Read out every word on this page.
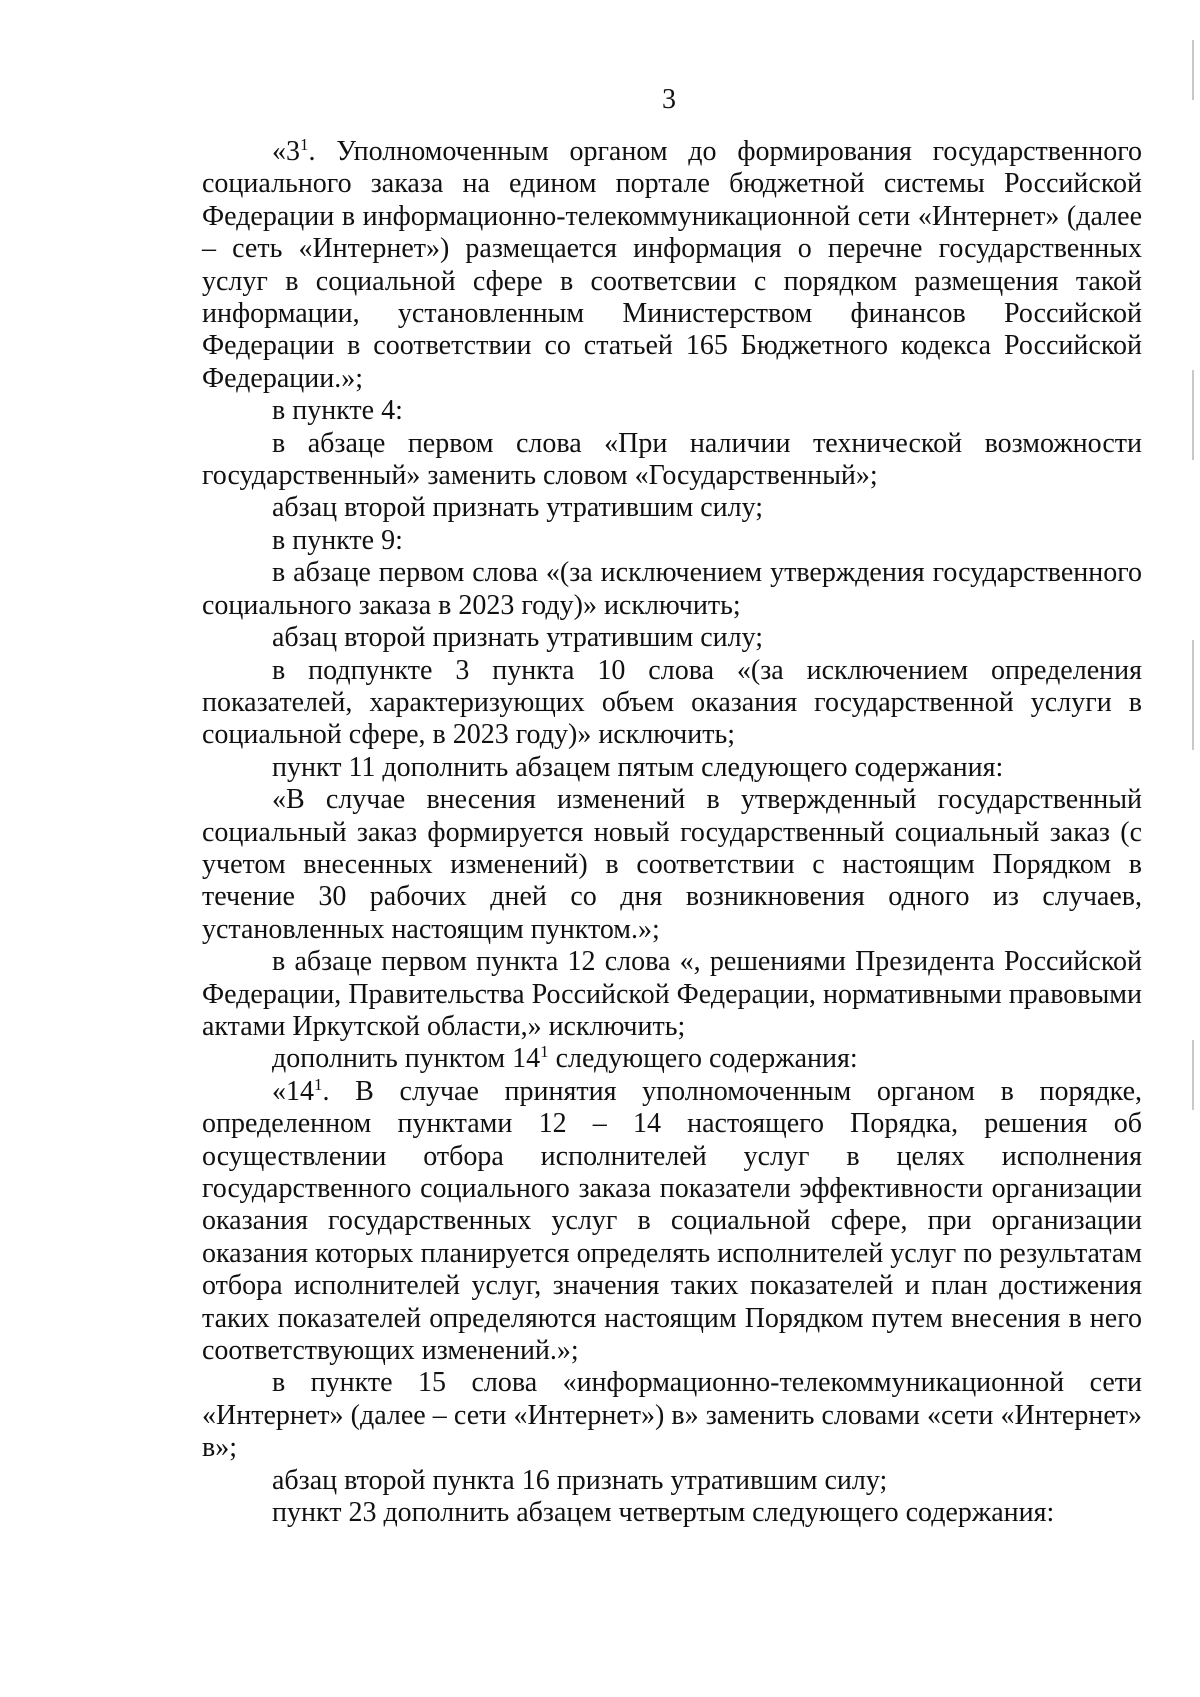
3

«$3^1$. Уполномоченным органом до формирования государственного социального заказа на едином портале бюджетной системы Российской Федерации в информационно-телекоммуникационной сети «Интернет» (далее – сеть «Интернет») размещается информация о перечне государственных услуг в социальной сфере в соответсвии с порядком размещения такой информации, установленным Министерством финансов Российской Федерации в соответствии со статьей 165 Бюджетного кодекса Российской Федерации.»;

в пункте 4:

в абзаце первом слова «При наличии технической возможности государственный» заменить словом «Государственный»;

абзац второй признать утратившим силу;

в пункте 9:

в абзаце первом слова «(за исключением утверждения государственного социального заказа в 2023 году)» исключить;

абзац второй признать утратившим силу;

в подпункте 3 пункта 10 слова «(за исключением определения показателей, характеризующих объем оказания государственной услуги в социальной сфере, в 2023 году)» исключить;

пункт 11 дополнить абзацем пятым следующего содержания:

«В случае внесения изменений в утвержденный государственный социальный заказ формируется новый государственный социальный заказ (с учетом внесенных изменений) в соответствии с настоящим Порядком в течение 30 рабочих дней со дня возникновения одного из случаев, установленных настоящим пунктом.»;

в абзаце первом пункта 12 слова «, решениями Президента Российской Федерации, Правительства Российской Федерации, нормативными правовыми актами Иркутской области,» исключить;

дополнить пунктом $14^1$ следующего содержания:

«$14^1$. В случае принятия уполномоченным органом в порядке, определенном пунктами 12 – 14 настоящего Порядка, решения об осуществлении отбора исполнителей услуг в целях исполнения государственного социального заказа показатели эффективности организации оказания государственных услуг в социальной сфере, при организации оказания которых планируется определять исполнителей услуг по результатам отбора исполнителей услуг, значения таких показателей и план достижения таких показателей определяются настоящим Порядком путем внесения в него соответствующих изменений.»;

в пункте 15 слова «информационно-телекоммуникационной сети «Интернет» (далее – сети «Интернет») в» заменить словами «сети «Интернет» в»;

абзац второй пункта 16 признать утратившим силу;

пункт 23 дополнить абзацем четвертым следующего содержания:
